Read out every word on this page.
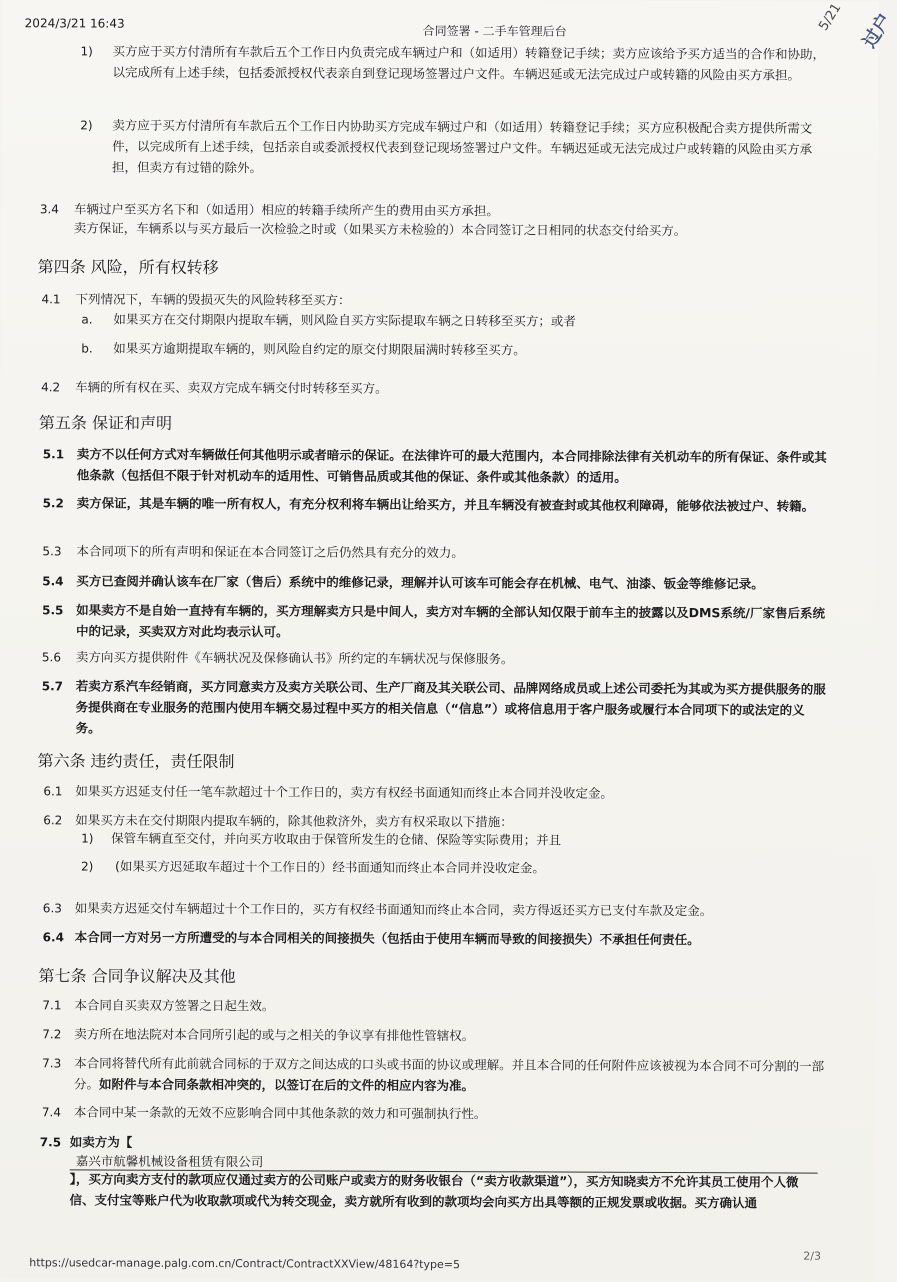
2024/3/21 16:43
合同签署 - 二手车管理后台	过户
5/21
1) 买方应于买方付清所有车款后五个工作日内负责完成车辆过户和（如适用）转籍登记手续；卖方应该给予买方适当的合作和协助，以完成所有上述手续，包括委派授权代表亲自到登记现场签署过户文件。车辆迟延或无法完成过户或转籍的风险由买方承担。
2) 卖方应于买方付清所有车款后五个工作日内协助买方完成车辆过户和（如适用）转籍登记手续；买方应积极配合卖方提供所需文件，以完成所有上述手续，包括亲自或委派授权代表到登记现场签署过户文件。车辆迟延或无法完成过户或转籍的风险由买方承担，但卖方有过错的除外。
3.4 车辆过户至买方名下和（如适用）相应的转籍手续所产生的费用由买方承担。
卖方保证，车辆系以与买方最后一次检验之时或（如果买方未检验的）本合同签订之日相同的状态交付给买方。
第四条 风险，所有权转移
4.1 下列情况下，车辆的毁损灭失的风险转移至买方：
a. 如果买方在交付期限内提取车辆，则风险自买方实际提取车辆之日转移至买方；或者
b. 如果买方逾期提取车辆的，则风险自约定的原交付期限届满时转移至买方。
4.2 车辆的所有权在买、卖双方完成车辆交付时转移至买方。
第五条 保证和声明
5.1 卖方不以任何方式对车辆做任何其他明示或者暗示的保证。在法律许可的最大范围内，本合同排除法律有关机动车的所有保证、条件或其他条款（包括但不限于针对机动车的适用性、可销售品质或其他的保证、条件或其他条款）的适用。
5.2 卖方保证，其是车辆的唯一所有权人，有充分权利将车辆出让给买方，并且车辆没有被查封或其他权利障碍，能够依法被过户、转籍。
5.3 本合同项下的所有声明和保证在本合同签订之后仍然具有充分的效力。
5.4 买方已查阅并确认该车在厂家（售后）系统中的维修记录，理解并认可该车可能会存在机械、电气、油漆、钣金等维修记录。
5.5 如果卖方不是自始一直持有车辆的，买方理解卖方只是中间人，卖方对车辆的全部认知仅限于前车主的披露以及DMS系统/厂家售后系统中的记录，买卖双方对此均表示认可。
5.6 卖方向买方提供附件《车辆状况及保修确认书》所约定的车辆状况与保修服务。
5.7 若卖方系汽车经销商，买方同意卖方及卖方关联公司、生产厂商及其关联公司、品牌网络成员或上述公司委托为其或为买方提供服务的服务提供商在专业服务的范围内使用车辆交易过程中买方的相关信息（“信息”）或将信息用于客户服务或履行本合同项下的或法定的义务。
第六条 违约责任，责任限制
6.1 如果买方迟延支付任一笔车款超过十个工作日的，卖方有权经书面通知而终止本合同并没收定金。
6.2 如果买方未在交付期限内提取车辆的，除其他救济外，卖方有权采取以下措施：
1) 保管车辆直至交付，并向买方收取由于保管所发生的仓储、保险等实际费用；并且
2) (如果买方迟延取车超过十个工作日的）经书面通知而终止本合同并没收定金。
6.3 如果卖方迟延交付车辆超过十个工作日的，买方有权经书面通知而终止本合同，卖方得返还买方已支付车款及定金。
6.4 本合同一方对另一方所遭受的与本合同相关的间接损失（包括由于使用车辆而导致的间接损失）不承担任何责任。
第七条 合同争议解决及其他
7.1 本合同自买卖双方签署之日起生效。
7.2 卖方所在地法院对本合同所引起的或与之相关的争议享有排他性管辖权。
7.3 本合同将替代所有此前就合同标的于双方之间达成的口头或书面的协议或理解。并且本合同的任何附件应该被视为本合同不可分割的一部分。如附件与本合同条款相冲突的，以签订在后的文件的相应内容为准。
7.4 本合同中某一条款的无效不应影响合同中其他条款的效力和可强制执行性。
7.5 如卖方为【
嘉兴市航馨机械设备租赁有限公司
】，买方向卖方支付的款项应仅通过卖方的公司账户或卖方的财务收银台（“卖方收款渠道”），买方知晓卖方不允许其员工使用个人微信、支付宝等账户代为收取款项或代为转交现金，卖方就所有收到的款项均会向买方出具等额的正规发票或收据。买方确认通
https://usedcar-manage.palg.com.cn/Contract/ContractXXView/48164?type=5
2/3
